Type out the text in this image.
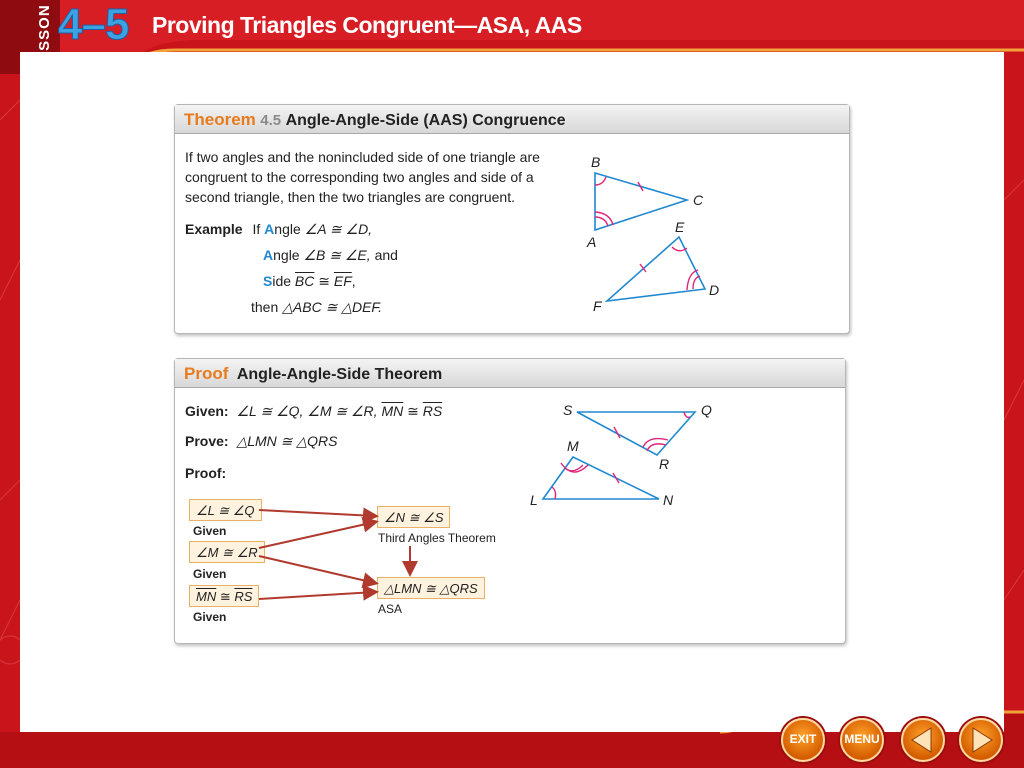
LESSON 4–5 Proving Triangles Congruent—ASA, AAS
Theorem 4.5 Angle-Angle-Side (AAS) Congruence
If two angles and the nonincluded side of one triangle are
congruent to the corresponding two angles and side of a
second triangle, then the two triangles are congruent.
Example If Angle ∠A ≅ ∠D,
Angle ∠B ≅ ∠E, and
Side $\overline{BC}$ ≅ $\overline{EF}$,
then △ABC ≅ △DEF.
B
C
A
E
D
F
Proof Angle-Angle-Side Theorem
Given: ∠L ≅ ∠Q, ∠M ≅ ∠R, $\overline{MN}$ ≅ $\overline{RS}$
Prove: △LMN ≅ △QRS
Proof:
∠L ≅ ∠Q
Given
∠M ≅ ∠R
Given
$\overline{MN}$ ≅ $\overline{RS}$
Given
∠N ≅ ∠S
Third Angles Theorem
△LMN ≅ △QRS
ASA
S	Q
M
R
L	N
EXIT	MENU
